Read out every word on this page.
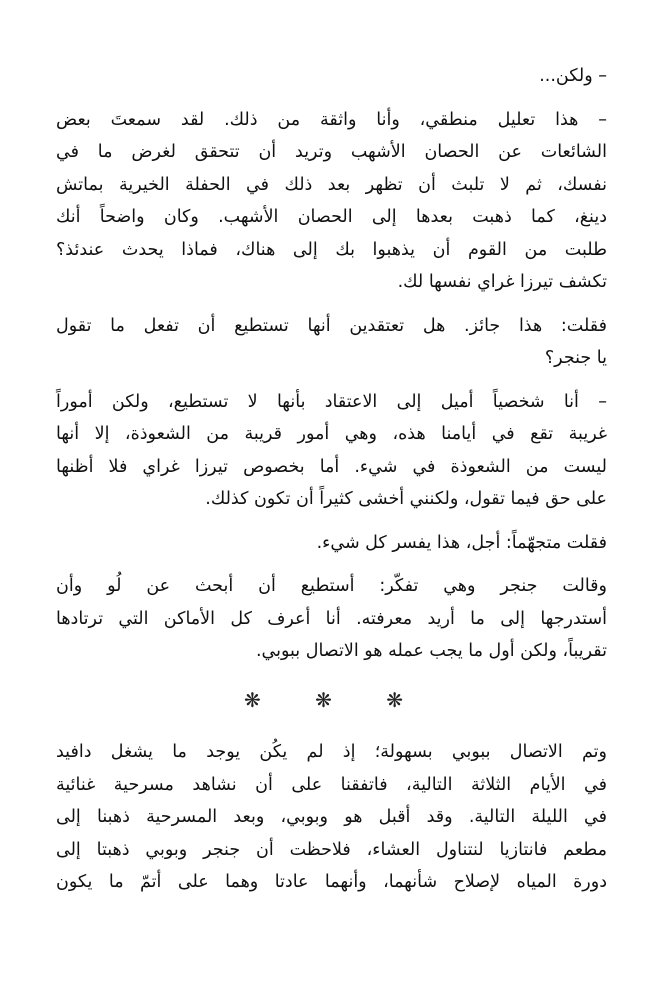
– ولكن...
– هذا تعليل منطقي، وأنا واثقة من ذلك. لقد سمعتَ بعض
الشائعات عن الحصان الأشهب وتريد أن تتحقق لغرض ما في
نفسك، ثم لا تلبث أن تظهر بعد ذلك في الحفلة الخيرية بماتش
دينغ، كما ذهبت بعدها إلى الحصان الأشهب. وكان واضحاً أنك
طلبت من القوم أن يذهبوا بك إلى هناك، فماذا يحدث عندئذ؟
تكشف تيرزا غراي نفسها لك.
فقلت: هذا جائز. هل تعتقدين أنها تستطيع أن تفعل ما تقول
يا جنجر؟
– أنا شخصياً أميل إلى الاعتقاد بأنها لا تستطيع، ولكن أموراً
غريبة تقع في أيامنا هذه، وهي أمور قريبة من الشعوذة، إلا أنها
ليست من الشعوذة في شيء. أما بخصوص تيرزا غراي فلا أظنها
على حق فيما تقول، ولكنني أخشى كثيراً أن تكون كذلك.
فقلت متجهّماً: أجل، هذا يفسر كل شيء.
وقالت جنجر وهي تفكّر: أستطيع أن أبحث عن لُو وأن
أستدرجها إلى ما أريد معرفته. أنا أعرف كل الأماكن التي ترتادها
تقريباً، ولكن أول ما يجب عمله هو الاتصال ببوبي.
❋ ❋ ❋
وتم الاتصال ببوبي بسهولة؛ إذ لم يكُن يوجد ما يشغل دافيد
في الأيام الثلاثة التالية، فاتفقنا على أن نشاهد مسرحية غنائية
في الليلة التالية. وقد أقبل هو وبوبي، وبعد المسرحية ذهبنا إلى
مطعم فانتازيا لنتناول العشاء، فلاحظت أن جنجر وبوبي ذهبتا إلى
دورة المياه لإصلاح شأنهما، وأنهما عادتا وهما على أتمّ ما يكون
